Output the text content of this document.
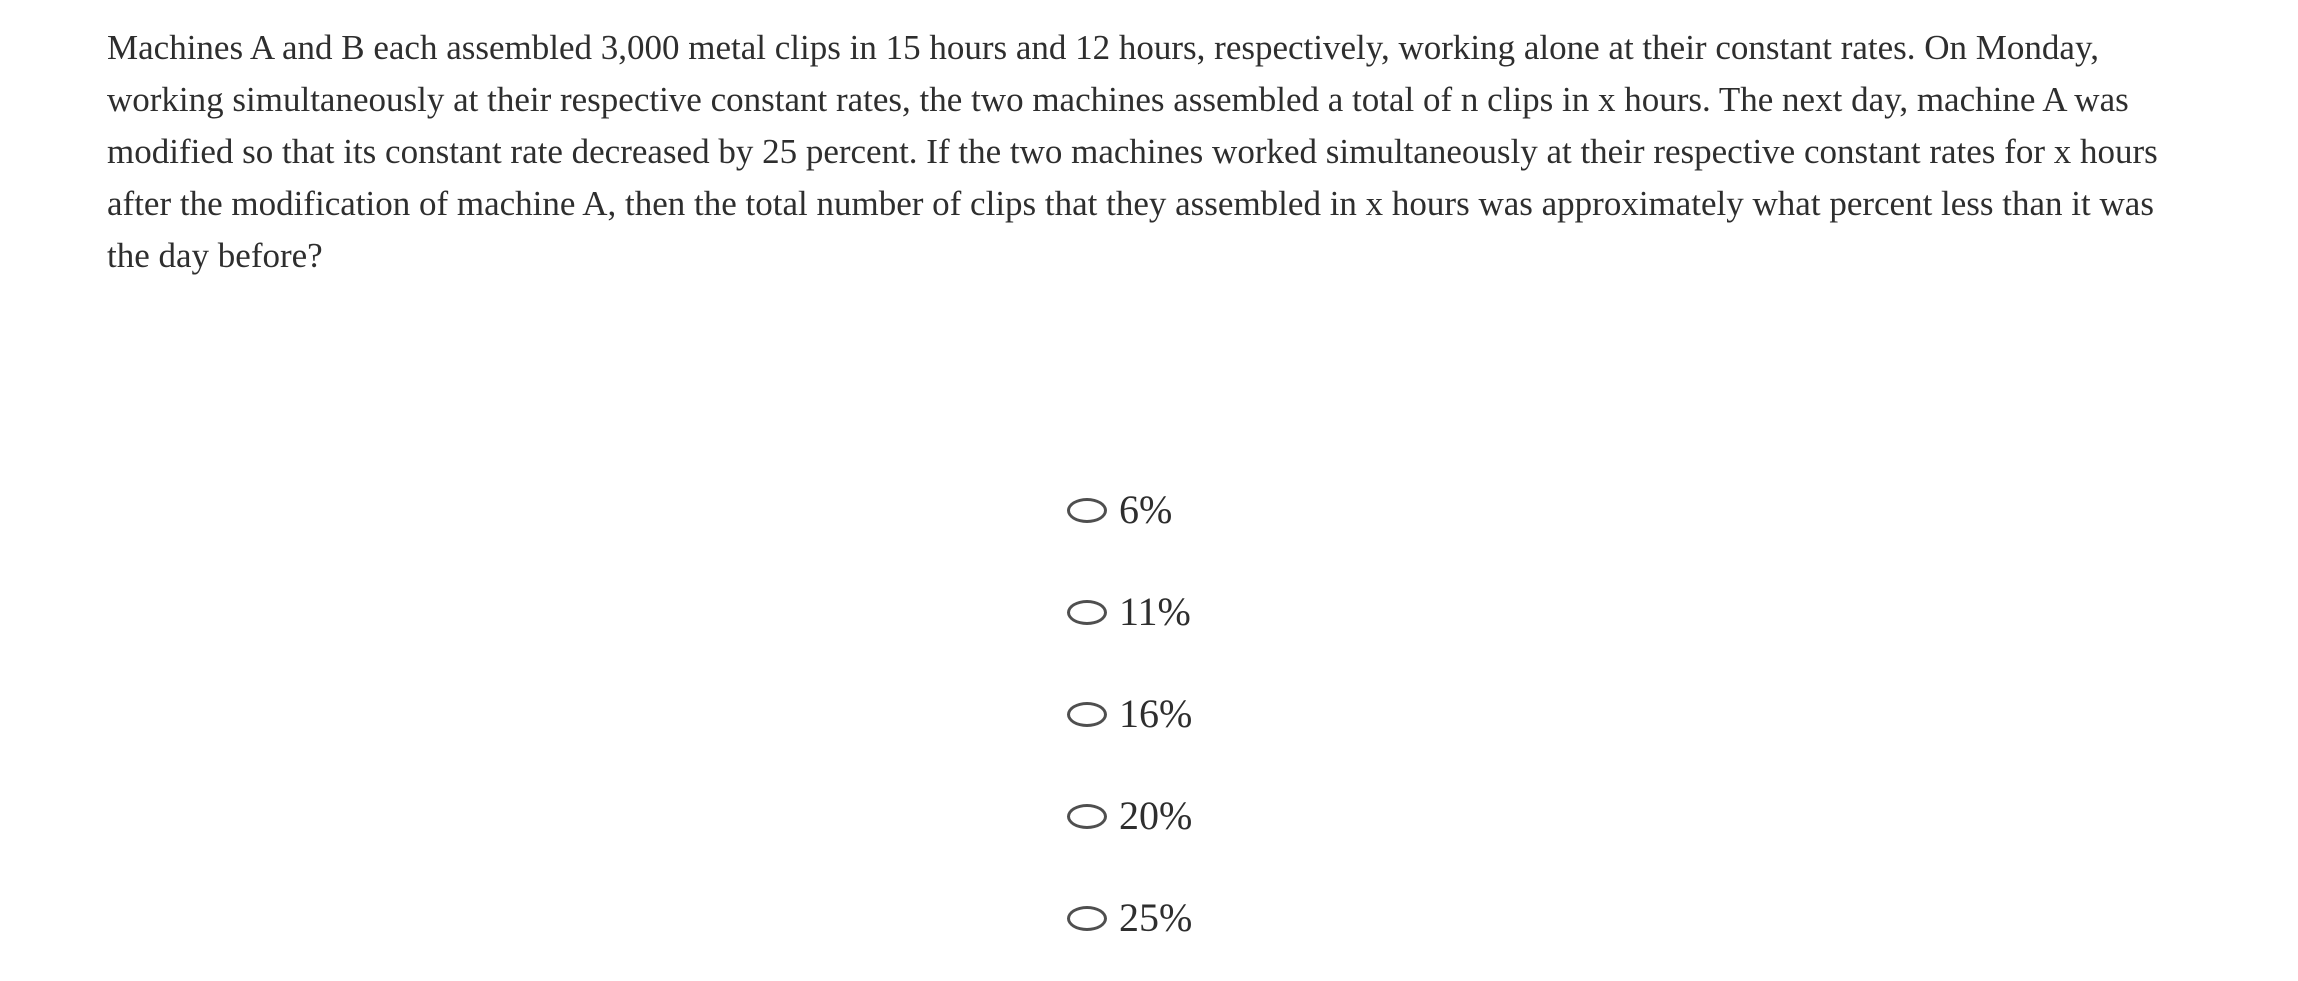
Machines A and B each assembled 3,000 metal clips in 15 hours and 12 hours, respectively, working alone at their constant rates. On Monday, working simultaneously at their respective constant rates, the two machines assembled a total of n clips in x hours. The next day, machine A was modified so that its constant rate decreased by 25 percent. If the two machines worked simultaneously at their respective constant rates for x hours after the modification of machine A, then the total number of clips that they assembled in x hours was approximately what percent less than it was the day before?

6%
11%
16%
20%
25%
